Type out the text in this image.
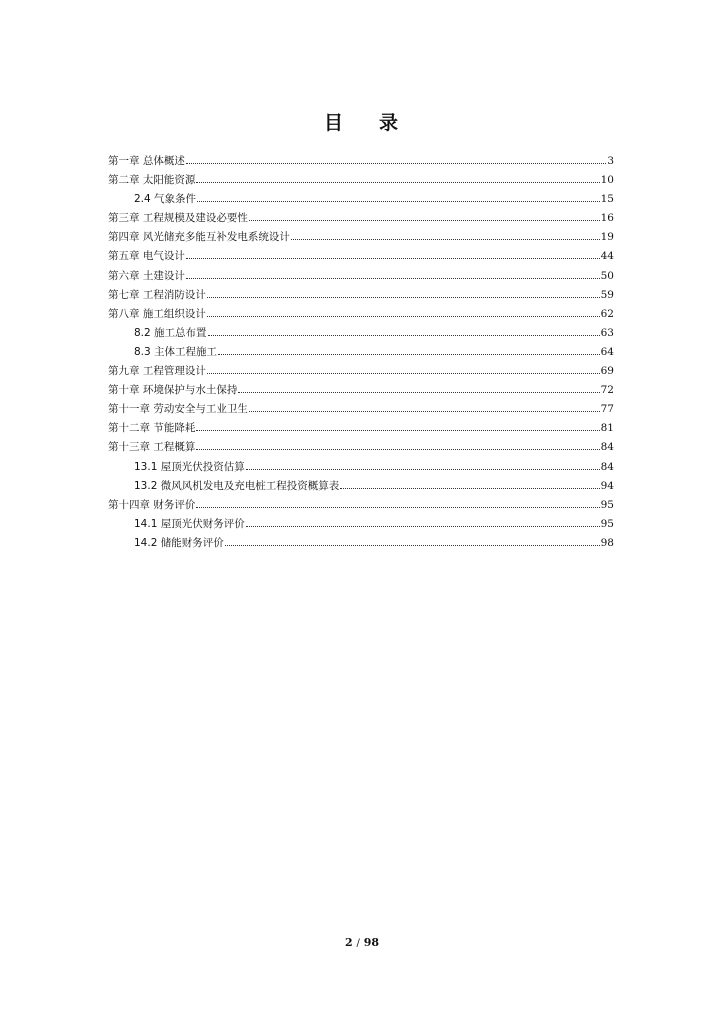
目 录
第一章 总体概述	3
第二章 太阳能资源	10
2.4 气象条件	15
第三章 工程规模及建设必要性	16
第四章 风光储充多能互补发电系统设计	19
第五章 电气设计	44
第六章 土建设计	50
第七章 工程消防设计	59
第八章 施工组织设计	62
8.2 施工总布置	63
8.3 主体工程施工	64
第九章 工程管理设计	69
第十章 环境保护与水土保持	72
第十一章 劳动安全与工业卫生	77
第十二章 节能降耗	81
第十三章 工程概算	84
13.1 屋顶光伏投资估算	84
13.2 微风风机发电及充电桩工程投资概算表	94
第十四章 财务评价	95
14.1 屋顶光伏财务评价	95
14.2 储能财务评价	98
2 / 98
